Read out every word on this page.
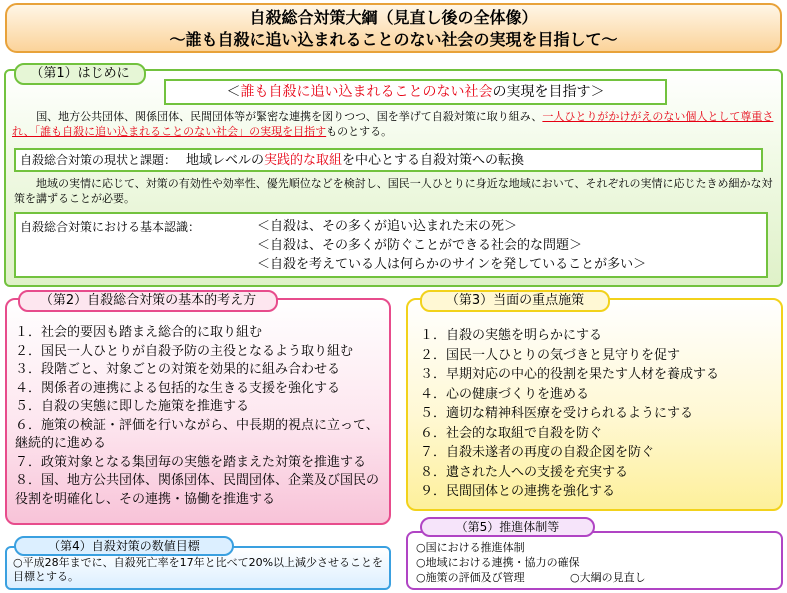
自殺総合対策大綱（見直し後の全体像）
～誰も自殺に追い込まれることのない社会の実現を目指して～
（第1）はじめに
＜誰も自殺に追い込まれることのない社会の実現を目指す＞
国、地方公共団体、関係団体、民間団体等が緊密な連携を図りつつ、国を挙げて自殺対策に取り組み、一人ひとりがかけがえのない個人として尊重され、「誰も自殺に追い込まれることのない社会」の実現を目指すものとする。
自殺総合対策の現状と課題： 地域レベルの実践的な取組を中心とする自殺対策への転換
地域の実情に応じて、対策の有効性や効率性、優先順位などを検討し、国民一人ひとりに身近な地域において、それぞれの実情に応じたきめ細かな対策を講ずることが必要。
自殺総合対策における基本認識：	＜自殺は、その多くが追い込まれた末の死＞
＜自殺は、その多くが防ぐことができる社会的な問題＞
＜自殺を考えている人は何らかのサインを発していることが多い＞
１．社会的要因も踏まえ総合的に取り組む
２．国民一人ひとりが自殺予防の主役となるよう取り組む
３．段階ごと、対象ごとの対策を効果的に組み合わせる
４．関係者の連携による包括的な生きる支援を強化する
５．自殺の実態に即した施策を推進する
６．施策の検証・評価を行いながら、中長期的視点に立って、継続的に進める
７．政策対象となる集団毎の実態を踏まえた対策を推進する
８．国、地方公共団体、関係団体、民間団体、企業及び国民の役割を明確化し、その連携・協働を推進する
（第2）自殺総合対策の基本的考え方
１．自殺の実態を明らかにする
２．国民一人ひとりの気づきと見守りを促す
３．早期対応の中心的役割を果たす人材を養成する
４．心の健康づくりを進める
５．適切な精神科医療を受けられるようにする
６．社会的な取組で自殺を防ぐ
７．自殺未遂者の再度の自殺企図を防ぐ
８．遺された人への支援を充実する
９．民間団体との連携を強化する
（第3）当面の重点施策

○平成28年までに、自殺死亡率を17年と比べて20%以上減少させることを目標とする。

（第4）自殺対策の数値目標	○国における推進体制
○地域における連携・協力の確保
○施策の評価及び管理	○大綱の見直し
（第5）推進体制等
